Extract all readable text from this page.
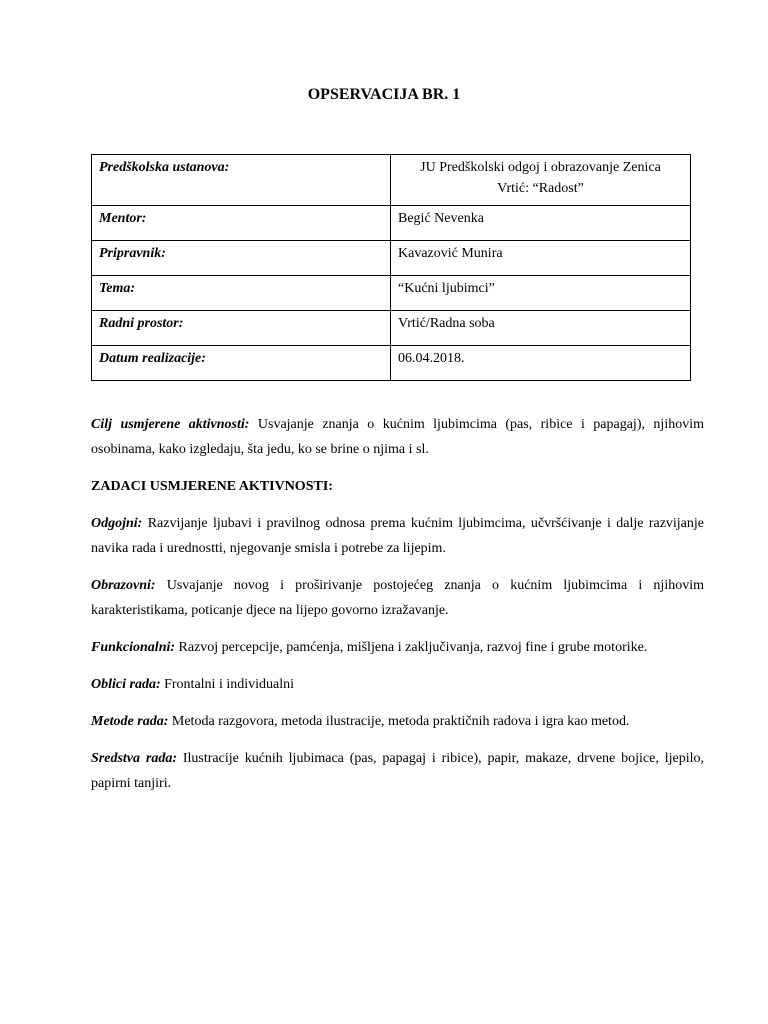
OPSERVACIJA BR. 1
Predškolska ustanova:	JU Predškolski odgoj i obrazovanje Zenica
Vrtić: “Radost”

Mentor:	Begić Nevenka
Pripravnik:	Kavazović Munira
Tema:	“Kućni ljubimci”
Radni prostor:	Vrtić/Radna soba
Datum realizacije:	06.04.2018.

Cilj usmjerene aktivnosti: Usvajanje znanja o kućnim ljubimcima (pas, ribice i papagaj), njihovim osobinama, kako izgledaju, šta jedu, ko se brine o njima i sl.

ZADACI USMJERENE AKTIVNOSTI:

Odgojni: Razvijanje ljubavi i pravilnog odnosa prema kućnim ljubimcima, učvršćivanje i dalje razvijanje navika rada i urednostti, njegovanje smisla i potrebe za lijepim.

Obrazovni: Usvajanje novog i proširivanje postojećeg znanja o kućnim ljubimcima i njihovim karakteristikama, poticanje djece na lijepo govorno izražavanje.

Funkcionalni: Razvoj percepcije, pamćenja, mišljena i zaključivanja, razvoj fine i grube motorike.

Oblici rada: Frontalni i individualni

Metode rada: Metoda razgovora, metoda ilustracije, metoda praktičnih radova i igra kao metod.

Sredstva rada: Ilustracije kućnih ljubimaca (pas, papagaj i ribice), papir, makaze, drvene bojice, ljepilo, papirni tanjiri.
